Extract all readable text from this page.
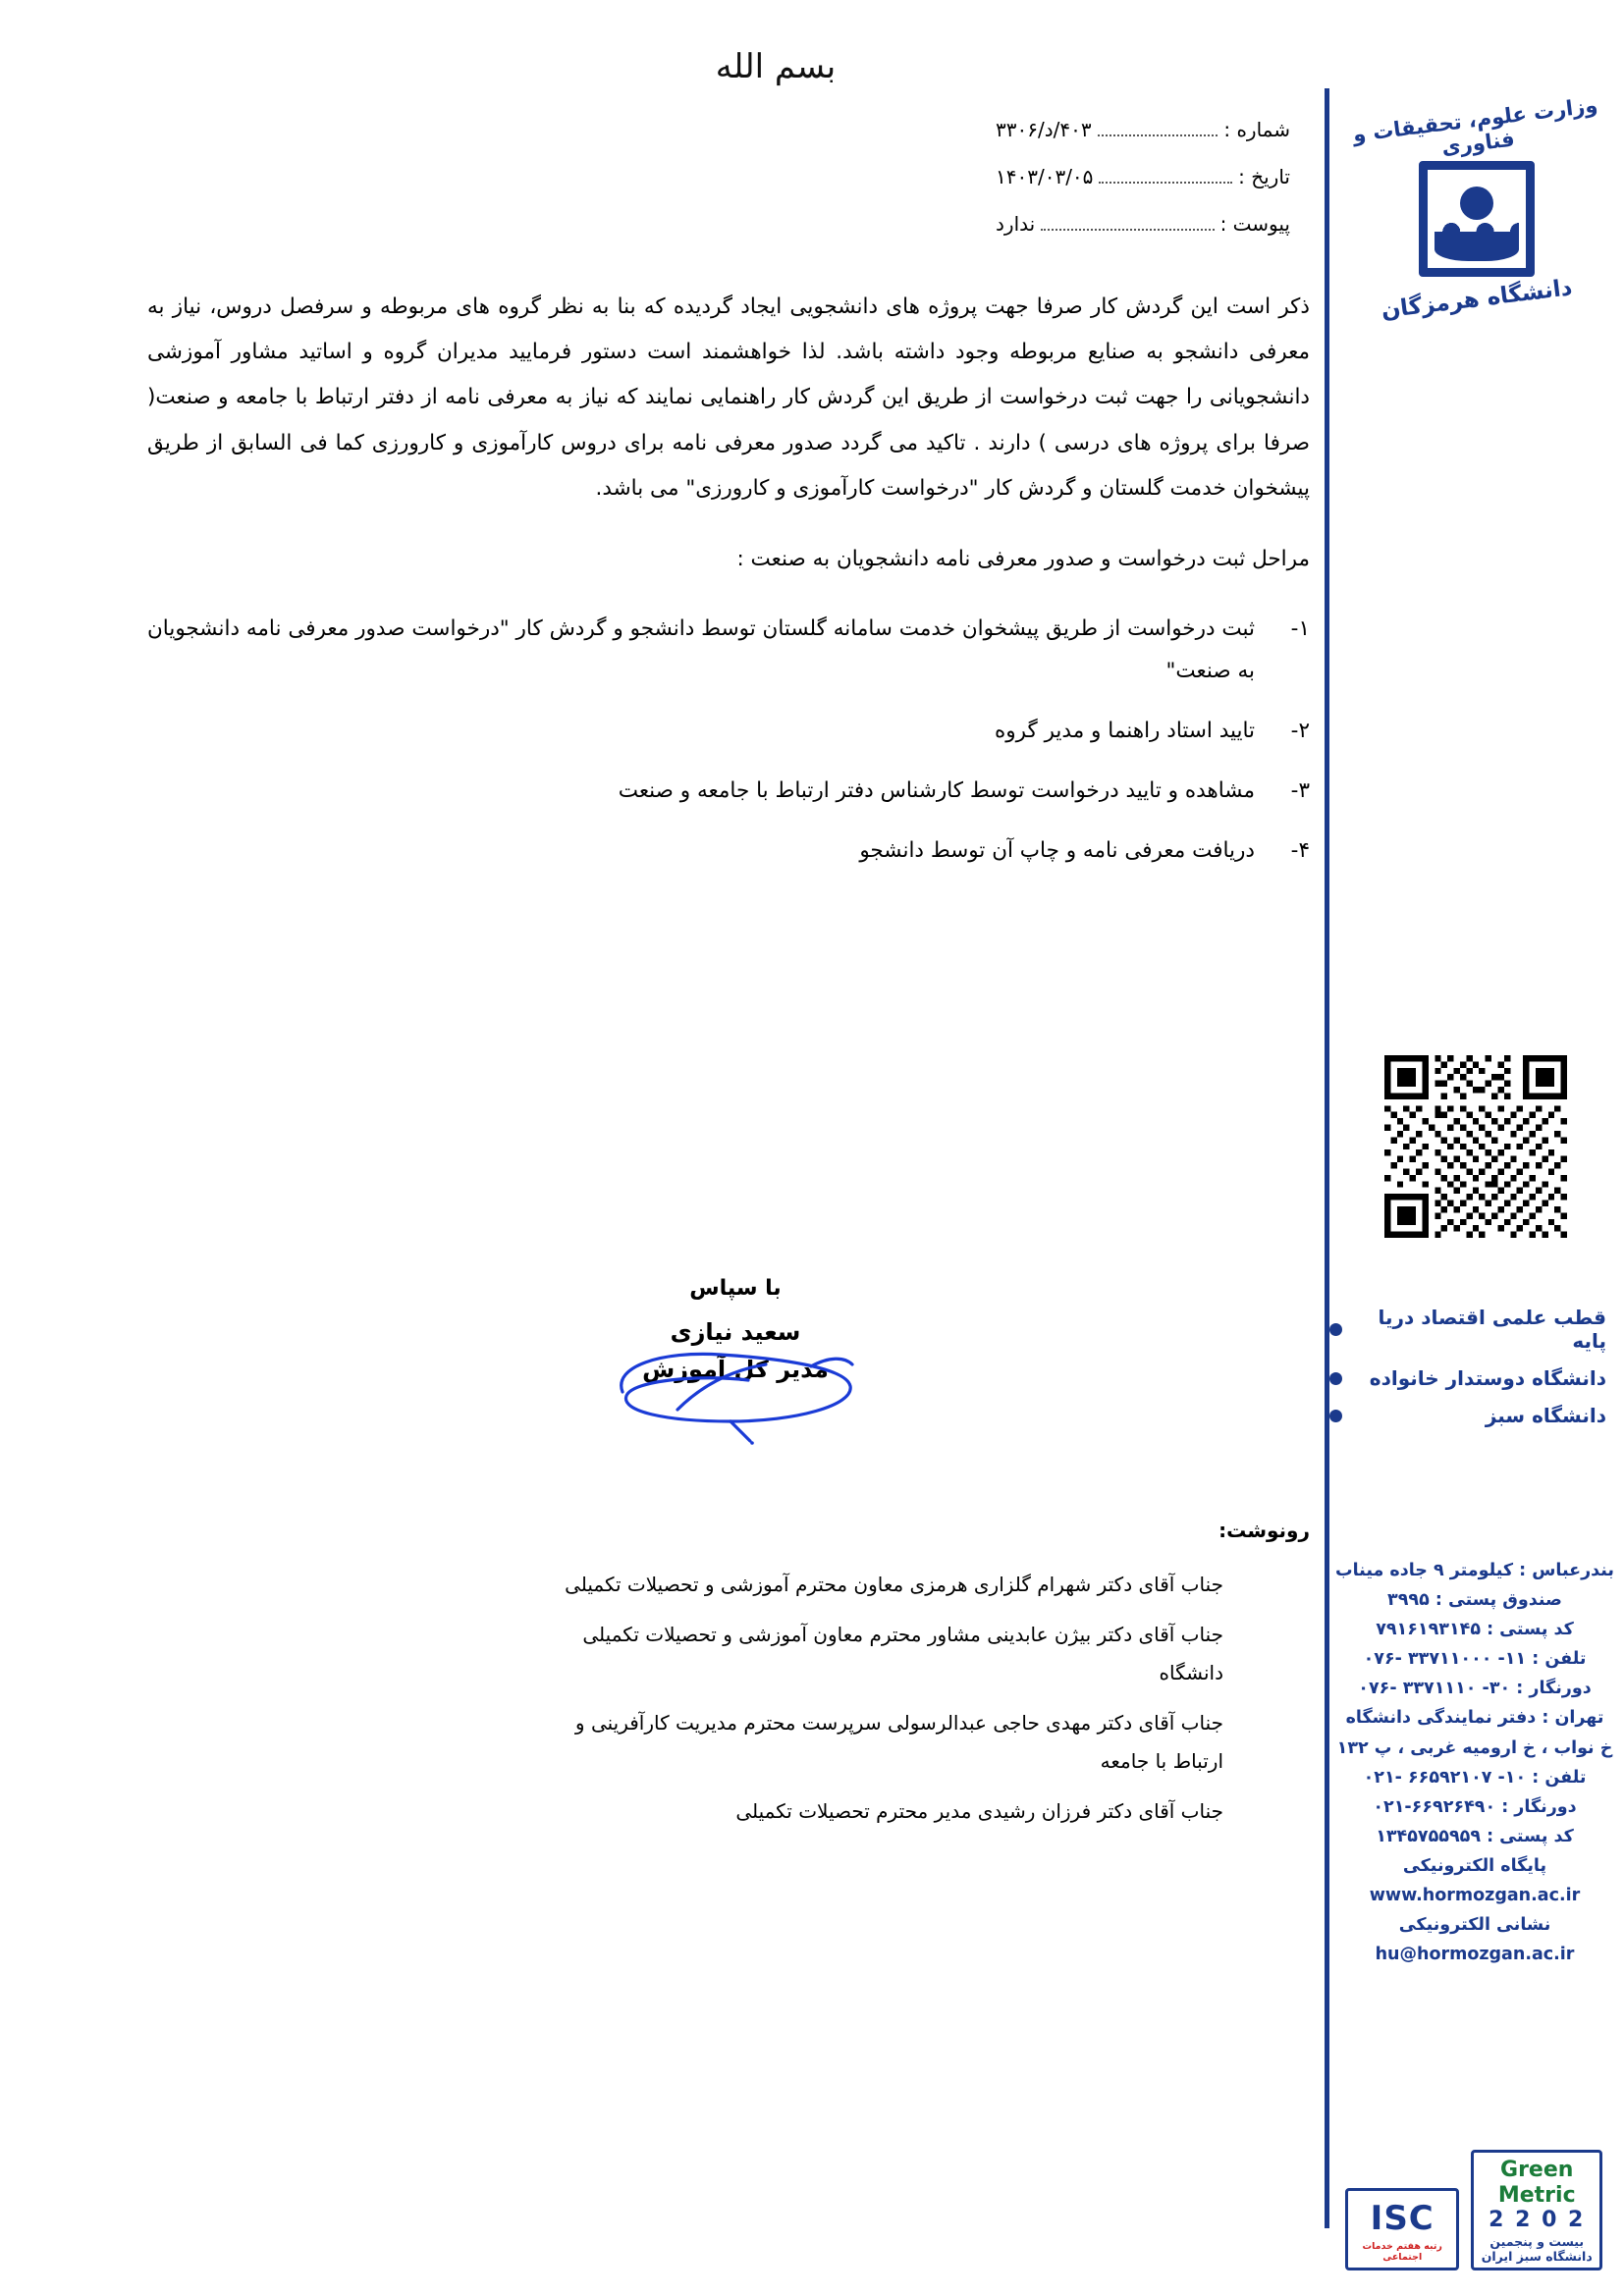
بسم الله
شماره :
۴۰۳/د/۳۳۰۶
تاریخ :
۱۴۰۳/۰۳/۰۵
پیوست :
ندارد

ذکر است این گردش کار صرفا جهت پروژه های دانشجویی ایجاد گردیده که بنا به نظر گروه های مربوطه و سرفصل دروس، نیاز به معرفی دانشجو به صنایع مربوطه وجود داشته باشد. لذا خواهشمند است دستور فرمایید مدیران گروه و اساتید مشاور آموزشی دانشجویانی را جهت ثبت درخواست از طریق این گردش کار راهنمایی نمایند که نیاز به معرفی نامه از دفتر ارتباط با جامعه و صنعت( صرفا برای پروژه های درسی ) دارند . تاکید می گردد صدور معرفی نامه برای دروس کارآموزی و کارورزی کما فی السابق از طریق پیشخوان خدمت گلستان و گردش کار "درخواست کارآموزی و کارورزی" می باشد.

مراحل ثبت درخواست و صدور معرفی نامه دانشجویان به صنعت :

۱-
ثبت درخواست از طریق پیشخوان خدمت سامانه گلستان توسط دانشجو و گردش کار "درخواست صدور معرفی نامه دانشجویان به صنعت"
۲-
تایید استاد راهنما و مدیر گروه
۳-
مشاهده و تایید درخواست توسط کارشناس دفتر ارتباط با جامعه و صنعت
۴-
دریافت معرفی نامه و چاپ آن توسط دانشجو
با سپاس
سعید نیازی
مدیر کل آموزش
رونوشت:
جناب آقای دکتر شهرام گلزاری هرمزی معاون محترم آموزشی و تحصیلات تکمیلی
جناب آقای دکتر بیژن عابدینی مشاور محترم معاون آموزشی و تحصیلات تکمیلی دانشگاه
جناب آقای دکتر مهدی حاجی عبدالرسولی سرپرست محترم مدیریت کارآفرینی و ارتباط با جامعه
جناب آقای دکتر فرزان رشیدی مدیر محترم تحصیلات تکمیلی
وزارت علوم، تحقیقات و فناوری
دانشگاه هرمزگان
قطب علمی اقتصاد دریا پایه
دانشگاه دوستدار خانواده
دانشگاه سبز
بندرعباس : کیلومتر ۹ جاده میناب
صندوق پستی : ۳۹۹۵
کد پستی : ۷۹۱۶۱۹۳۱۴۵
تلفن : ۱۱- ۳۳۷۱۱۰۰۰ -۰۷۶
دورنگار : ۳۰- ۳۳۷۱۱۱۰ -۰۷۶
تهران : دفتر نمایندگی دانشگاه
خ نواب ، خ ارومیه غربی ، پ ۱۳۲
تلفن : ۱۰- ۶۶۵۹۲۱۰۷ -۰۲۱
دورنگار : ۶۶۹۲۶۴۹۰-۰۲۱
کد پستی : ۱۳۴۵۷۵۵۹۵۹
پایگاه الکترونیکی
www.hormozgan.ac.ir
نشانی الکترونیکی
hu@hormozgan.ac.ir
Green
Metric
2 0 2 2
بیست و پنجمین
دانشگاه سبز ایران
ISC
رتبه هفتم خدمات اجتماعی
